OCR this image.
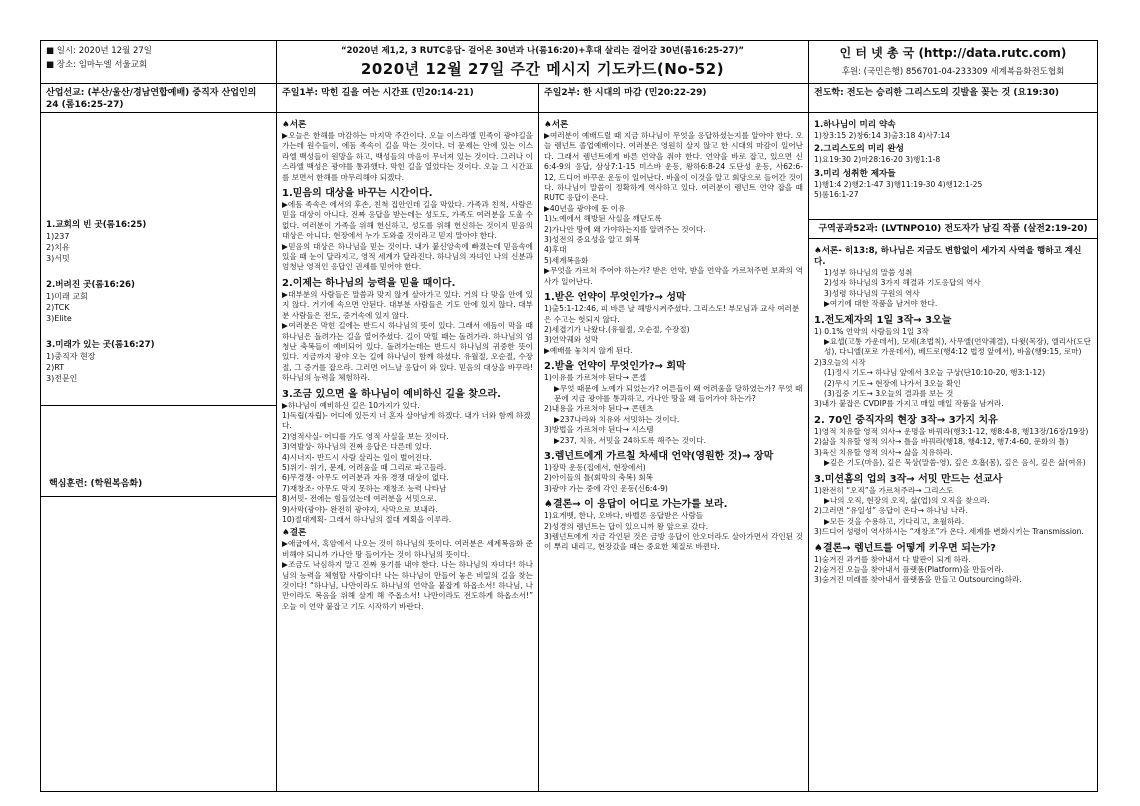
■ 일시: 2020년 12월 27일
■ 장소: 임마누엘 서울교회
“2020년 제1,2, 3 RUTC응답- 걸어온 30년과 나(롬16:20)+후대 살리는 걸어갈 30년(롬16:25-27)”
2020년 12월 27일 주간 메시지 기도카드(No-52)
인 터 넷 총 국 (http://data.rutc.com)
후원: (국민은행) 856701-04-233309 세계복음화전도협회
산업선교: (부산/울산/경남연합예배) 중직자 산업인의 24 (롬16:25-27)
1.교회의 빈 곳(롬16:25)
1)237
2)치유
3)서밋
2.버려진 곳(롬16:26)
1)미래 교회
2)TCK
3)Elite
3.미래가 있는 곳(롬16:27)
1)중직자 현장
2)RT
3)전문인
핵심훈련: (학원복음화)
주일1부: 막힌 길을 여는 시간표 (민20:14-21)
♠서론
▶오늘은 한해를 마감하는 마지막 주간이다. 오늘 이스라엘 민족이 광야길을 가는데 원수들이, 에돔 족속이 길을 막는 것이다. 더 문제는 안에 있는 이스라엘 백성들이 원망을 하고, 백성들의 마음이 무너져 있는 것이다. 그러나 이스라엘 백성은 광야를 통과했다. 막힌 길을 열었다는 것이다. 오늘 그 시간표를 보면서 한해를 마무리해야 되겠다.
1.믿음의 대상을 바꾸는 시간이다.
▶에돔 족속은 에서의 후손, 친척 집안인데 길을 막았다. 가족과 친척, 사람은 믿을 대상이 아니다. 진짜 응답을 받는데는 성도도, 가족도 여러분을 도울 수 없다. 여러분이 가족을 위해 헌신하고, 성도를 위해 헌신하는 것이지 믿음의 대상은 아니다. 현장에서 누가 도와줄 것이라고 믿지 말아야 한다.
▶믿음의 대상은 하나님을 믿는 것이다. 내가 붙신앙속에 빠졌는데 믿음속에 있을 때 눈이 달라지고, 영적 세계가 달라진다. 하나님의 자녀인 나의 신분과 엄청난 영적인 응답인 권세를 믿어야 한다.
2.이제는 하나님의 능력을 믿을 때이다.
▶대부분의 사람들은 말씀과 맞지 않게 살아가고 있다. 거의 다 맞을 안에 있지 않다. 거기에 속으면 안된다. 대부분 사람들은 기도 안에 있지 않다. 대부분 사람들은 전도, 증거속에 있지 않다.
▶여러분은 막힌 길에는 반드시 하나님의 뜻이 있다. 그래서 에돔이 막을 때 하나님은 돌려가는 길을 열어주셨다. 길이 막힐 때는 돌려가라. 하나님의 엄청난 축복들이 예비되어 있다. 돌려가는데는 반드시 하나님의 귀중한 뜻이 있다. 지금까지 광야 오는 길에 하나님이 함께 하셨다. 유월절, 오순절, 수장절, 그 증거를 잡으라. 그러면 어느날 응답이 와 있다. 믿음의 대상을 바꾸라! 하나님의 능력을 체험하라.
3.조금 있으면 올 하나님이 예비하신 길을 찾으라.
▶하나님이 예비하신 길은 10가지가 있다.
1)독립(자립)- 어디에 있든지 너 혼자 살아남게 하겠다. 내가 너와 함께 하겠다.
2)영적사실- 어디를 가도 영적 사실을 보는 것이다.
3)역발상- 하나님의 진짜 응답은 다른데 있다.
4)시너지- 반드시 사람 살리는 일이 벌어진다.
5)위기- 위기, 문제, 어려움을 때 그리로 파고들라.
6)무경쟁- 아무도 여러분과 자유 경쟁 대상이 없다.
7)재창조- 아무도 막지 못하는 재창조 능력 나타남
8)서밋- 전에는 힘들었는데 여러분을 서밋으로.
9)사막(광야)- 완전히 광야지, 사막으로 보내라.
10)절대계획- 그래서 하나님의 절대 계획을 이루라.
♠결론
▶애굽에서, 혹암에서 나오는 것이 하나님의 뜻이다. 여러분은 세계복음화 준비해야 되니까 가나안 땅 들어가는 것이 하나님의 뜻이다.
▶조금도 낙심하지 말고 진짜 용기를 내야 한다. 나는 하나님의 자녀다! 하나님의 능력을 체험할 사람이다! 나는 하나님이 만들어 놓은 비밀의 길을 찾는 것이다! “하나님, 나만이라도 하나님의 언약을 붙잡게 하옵소서! 하나님, 나만이라도 복음을 위해 살게 해 주옵소서! 나만이라도 전도하게 하옵소서!” 오늘 이 언약 붙잡고 기도 시작하기 바란다.
주일2부: 한 시대의 마감 (민20:22-29)
♠서론
▶여러분이 예배드릴 때 지금 하나님이 무엇을 응답하셨는지를 알아야 한다. 오늘 렘넌트 졸업예배이다. 여러분은 영원히 살지 않고 한 시대의 마감이 일어난다. 그래서 렘넌트에게 바른 언약을 줘야 한다. 언약을 바로 잡고, 있으면 신6:4-9의 응답, 삼상7:1-15 미스바 운동, 왕하6:8-24 도단성 운동, 사62:6-12, 드디어 바꾸운 운동이 일어난다. 바울이 이것을 알고 회당으로 들어간 것이다. 하나님이 말씀이 정확하게 역사하고 있다. 여러분이 렘넌트 언약 잡을 때 RUTC 응답이 온다.
▶40년을 광야에 둔 이유
1)노예에서 해방된 사실을 깨닫도록
2)가나안 땅에 왜 가야하는지를 알려주는 것이다.
3)성전의 중요성을 알고 회복
4)후대
5)세계복음화
▶무엇을 가르쳐 주어야 하는가? 받은 언약, 받을 언약을 가르쳐주면 보좌의 역사가 일어난다.
1.받은 언약이 무엇인가?→ 성막
1)출5:1-12:46, 피 바른 날 해방시켜주셨다. 그리스도! 부모님과 교사 여러분은 수고는 헛되지 않다.
2)세겹기가 나왔다.(유월절, 오순절, 수장절)
3)언약궤와 성막
▶예배를 놓치지 않게 된다.
2.받을 언약이 무엇인가?→ 회막
1)이유를 가르쳐야 된다→ 콘셉
▶무엇 때문에 노예가 되었는가? 어른들이 왜 어려움을 당하였는가? 무엇 때문에 지금 광야를 통과하고, 가나안 땅을 왜 들어가야 하는가?
2)내용을 가르쳐야 된다→ 콘텐츠
▶237나라와 치유와 서밋하는 것이다.
3)방법을 가르쳐야 된다→ 시스템
▶237, 치유, 서밋을 24하도록 해주는 것이다.
3.렘넌트에게 가르칠 차세대 언약(영원한 것)→ 장막
1)장막 운동(집에서, 현장에서)
2)아이들의 틀(회막의 축복) 회복
3)광야 가는 중에 각인 운동(신6:4-9)
♠결론→ 이 응답이 어디로 가는가를 보라.
1)요게벳, 한나, 오바다, 바벨론 응답받은 사람들
2)성경의 렘넌트는 답이 있으니까 왕 앞으로 갔다.
3)렘넌트에게 지금 각인된 것은 금방 응답이 안오더라도 살아가면서 각인된 것이 뿌리 내리고, 현장갔을 때는 중요한 체질로 바뀐다.
전도학: 전도는 승리한 그리스도의 깃발을 꽂는 것 (요19:30)
1.하나님이 미리 약속
1)창3:15 2)창6:14 3)출3:18 4)사7:14
2.그리스도의 미리 완성
1)요19:30 2)마28:16-20 3)행1:1-8
3.미리 성취한 제자들
1)행1:4 2)행2:1-47 3)행11:19-30 4)행12:1-25
5)롬16:1-27
구역공과52과: (LVTNPO10) 전도자가 남길 작품 (살전2:19-20)
♠서론- 히13:8, 하나님은 지금도 변함없이 세가지 사역을 행하고 계신다.
1)성부 하나님의 말씀 성취
2)성자 하나님의 3가지 해결과 기도응답의 역사
3)성령 하나님의 구원의 역사
▶여기에 대한 작품을 남겨야 한다.
1.전도제자의 1일 3작→ 3오늘
1) 0.1% 언약의 사람들의 1일 3작
▶요셉(고통 가운데서), 모세(초법칙), 사무엘(언약궤결), 다윗(목장), 엘리사(도단성), 다니엘(포로 가운데서), 베드로(행4:12 법정 앞에서), 바울(행9:15, 로마)
2)3오늘의 시작
(1)정시 기도→ 하나님 앞에서 3오늘 구상(단10:10-20, 행3:1-12)
(2)무시 기도→ 현장에 나가서 3오늘 확인
(3)집중 기도→ 3오늘의 결과를 보는 것
3)내가 붙잡은 CVDIP를 가지고 매일 매일 작품을 남겨라.
2. 70인 중직자의 현장 3작→ 3가지 치유
1)영적 치유할 영적 의사→ 운명을 바꿔라(행3:1-12, 행8:4-8, 행13장/16장/19장)
2)삶을 치유할 영적 의사→ 틀을 바꿔라(행18, 행4:12, 행7:4-60, 문화의 틀)
3)육신 치유할 영적 의사→ 삶을 치유하라.
▶깊은 기도(마음), 깊은 묵상(말씀-영), 깊은 호흡(몸), 깊은 음식, 깊은 삶(여유)
3.미션홈의 업의 3작→ 서밋 만드는 선교사
1)완전히 “오직”을 가르쳐주라→ 그리스도
▶나의 오직, 현장의 오직, 삶(업)의 오직을 찾으라.
2)그러면 “유일성” 응답이 온다→ 하나님 나라.
▶모든 것을 수용하고, 기다리고, 초월하라.
3)드디어 성령이 역사하시는 “재창조”가 온다. 세계를 변화시키는 Transmission.
♠결론→ 렘넌트를 어떻게 키우면 되는가?
1)숨겨진 과거를 찾아내서 다 발판이 되게 하라.
2)숨겨진 오늘을 찾아내서 플랫폼(Platform)을 만들어라.
3)숨겨진 미래를 찾아내서 플랫폼을 만들고 Outsourcing하라.
